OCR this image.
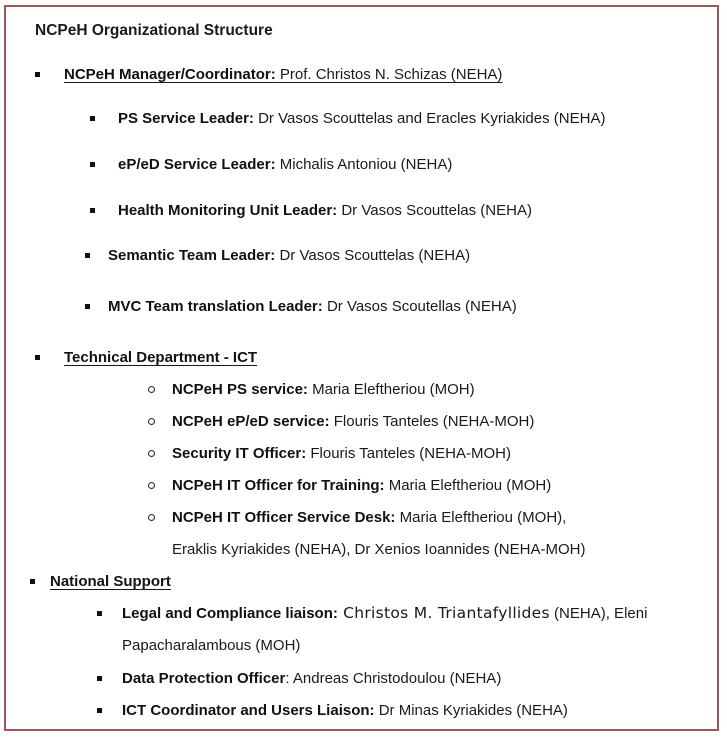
NCPeH Organizational Structure
NCPeH Manager/Coordinator: Prof. Christos N. Schizas (NEHA)
PS Service Leader: Dr Vasos Scouttelas and Eracles Kyriakides (NEHA)
eP/eD Service Leader: Michalis Antoniou (NEHA)
Health Monitoring Unit Leader: Dr Vasos Scouttelas (NEHA)
Semantic Team Leader: Dr Vasos Scouttelas (NEHA)
MVC Team translation Leader: Dr Vasos Scoutellas (NEHA)
Technical Department - ICT
NCPeH PS service: Maria Eleftheriou (MOH)
NCPeH eP/eD service: Flouris Tanteles (NEHA-MOH)
Security IT Officer: Flouris Tanteles (NEHA-MOH)
NCPeH IT Officer for Training: Maria Eleftheriou (MOH)
NCPeH IT Officer Service Desk: Maria Eleftheriou (MOH),
Eraklis Kyriakides (NEHA), Dr Xenios Ioannides (NEHA-MOH)
National Support
Legal and Compliance liaison: Christos M. Triantafyllides (NEHA), Eleni
Papacharalambous (MOH)
Data Protection Officer: Andreas Christodoulou (NEHA)
ICT Coordinator and Users Liaison: Dr Minas Kyriakides (NEHA)
